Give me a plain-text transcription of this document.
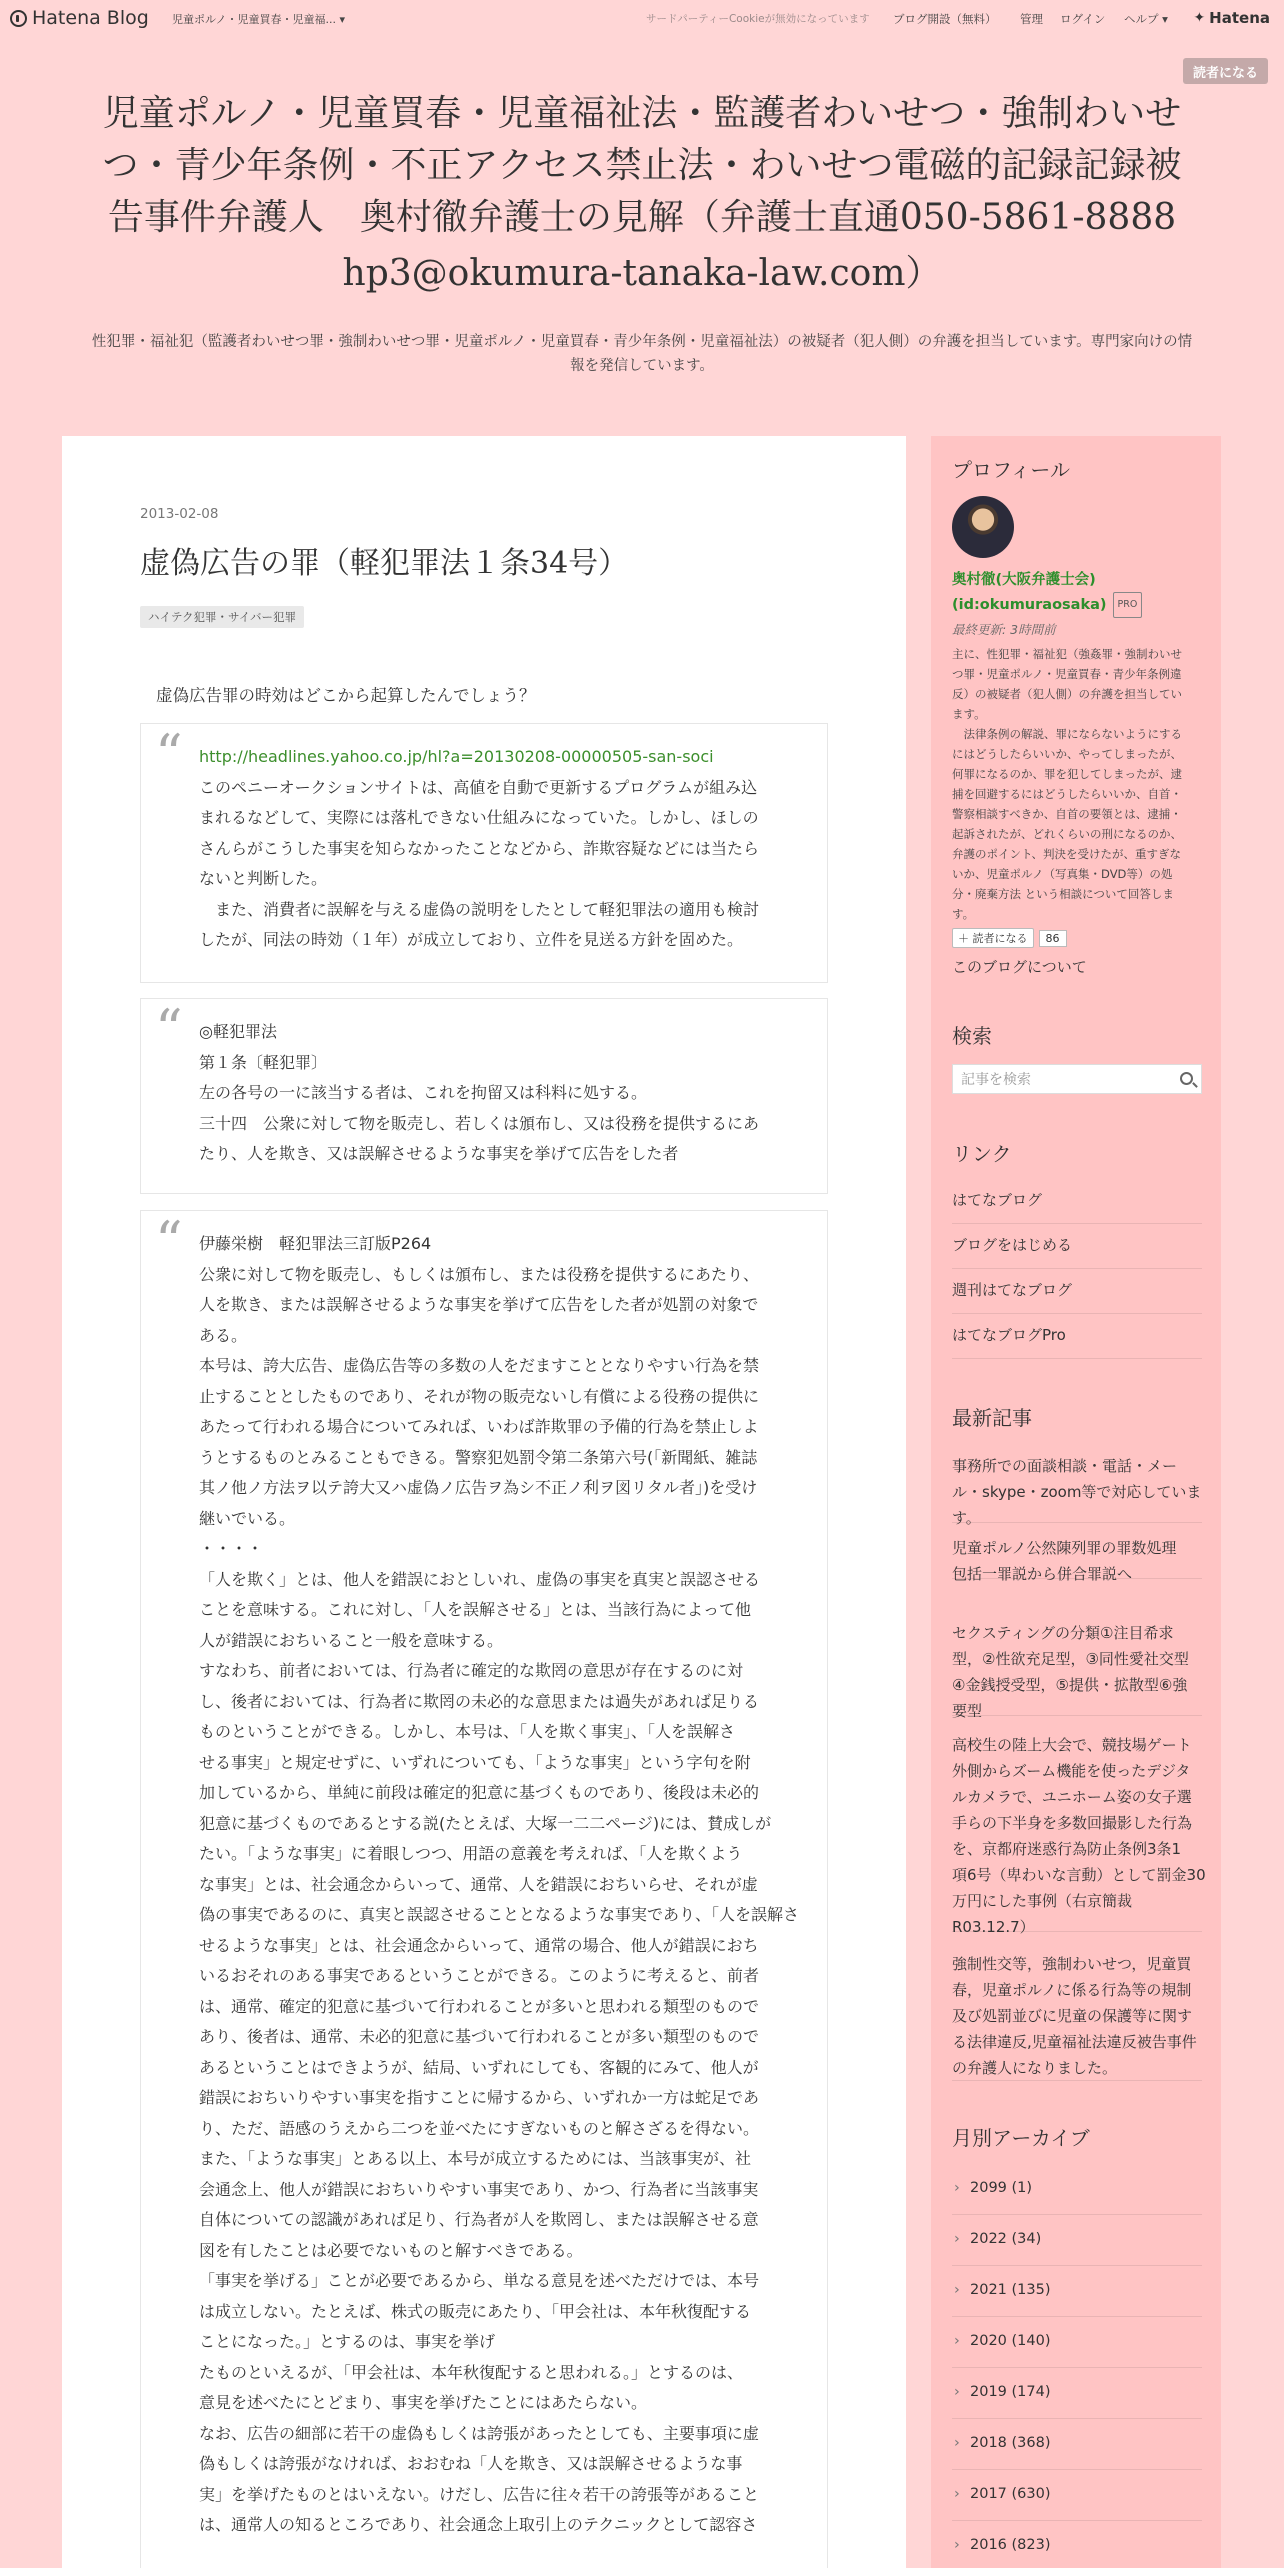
Hatena Blog 児童ポルノ・児童買春・児童福... ▾	サードパーティーCookieが無効になっています ブログ開設（無料） 管理 ログイン ヘルプ ▾ ✦ Hatena
読者になる
児童ポルノ・児童買春・児童福祉法・監護者わいせつ・強制わいせ
つ・青少年条例・不正アクセス禁止法・わいせつ電磁的記録記録被
告事件弁護人　奥村徹弁護士の見解（弁護士直通050-5861-8888
hp3@okumura-tanaka-law.com）
性犯罪・福祉犯（監護者わいせつ罪・強制わいせつ罪・児童ポルノ・児童買春・青少年条例・児童福祉法）の被疑者（犯人側）の弁護を担当しています。専門家向けの情
報を発信しています。
2013-02-08
虚偽広告の罪（軽犯罪法１条34号）
ハイテク犯罪・サイバー犯罪
虚偽広告罪の時効はどこから起算したんでしょう？
“ http://headlines.yahoo.co.jp/hl?a=20130208-00000505-san-soci
このペニーオークションサイトは、高値を自動で更新するプログラムが組み込
まれるなどして、実際には落札できない仕組みになっていた。しかし、ほしの
さんらがこうした事実を知らなかったことなどから、詐欺容疑などには当たら
ないと判断した。
　また、消費者に誤解を与える虚偽の説明をしたとして軽犯罪法の適用も検討
したが、同法の時効（１年）が成立しており、立件を見送る方針を固めた。
“ ◎軽犯罪法
第１条〔軽犯罪〕
左の各号の一に該当する者は、これを拘留又は科料に処する。
三十四　公衆に対して物を販売し、若しくは頒布し、又は役務を提供するにあ
たり、人を欺き、又は誤解させるような事実を挙げて広告をした者
“ 伊藤栄樹　軽犯罪法三訂版P264
公衆に対して物を販売し、もしくは頒布し、または役務を提供するにあたり、
人を欺き、または誤解させるような事実を挙げて広告をした者が処罰の対象で
ある。
本号は、誇大広告、虚偽広告等の多数の人をだますこととなりやすい行為を禁
止することとしたものであり、それが物の販売ないし有償による役務の提供に
あたって行われる場合についてみれば、いわば詐欺罪の予備的行為を禁止しよ
うとするものとみることもできる。警察犯処罰令第二条第六号(「新聞紙、雑誌
其ノ他ノ方法ヲ以テ誇大又ハ虚偽ノ広告ヲ為シ不正ノ利ヲ図リタル者」)を受け
継いでいる。
・・・・
「人を欺く」とは、他人を錯誤におとしいれ、虚偽の事実を真実と誤認させる
ことを意味する。これに対し、「人を誤解させる」とは、当該行為によって他
人が錯誤におちいること一般を意味する。
すなわち、前者においては、行為者に確定的な欺罔の意思が存在するのに対
し、後者においては、行為者に欺罔の未必的な意思または過失があれば足りる
ものということができる。しかし、本号は、「人を欺く事実」、「人を誤解さ
せる事実」と規定せずに、いずれについても、「ような事実」という字句を附
加しているから、単純に前段は確定的犯意に基づくものであり、後段は未必的
犯意に基づくものであるとする説(たとえば、大塚一二二ページ)には、賛成しが
たい。「ような事実」に着眼しつつ、用語の意義を考えれば、「人を欺くよう
な事実」とは、社会通念からいって、通常、人を錯誤におちいらせ、それが虚
偽の事実であるのに、真実と誤認させることとなるような事実であり、「人を誤解さ
せるような事実」とは、社会通念からいって、通常の場合、他人が錯誤におち
いるおそれのある事実であるということができる。このように考えると、前者
は、通常、確定的犯意に基づいて行われることが多いと思われる類型のもので
あり、後者は、通常、未必的犯意に基づいて行われることが多い類型のもので
あるということはできようが、結局、いずれにしても、客観的にみて、他人が
錯誤におちいりやすい事実を指すことに帰するから、いずれか一方は蛇足であ
り、ただ、語感のうえから二つを並べたにすぎないものと解さざるを得ない。
また、「ような事実」とある以上、本号が成立するためには、当該事実が、社
会通念上、他人が錯誤におちいりやすい事実であり、かつ、行為者に当該事実
自体についての認識があれば足り、行為者が人を欺罔し、または誤解させる意
図を有したことは必要でないものと解すべきである。
「事実を挙げる」ことが必要であるから、単なる意見を述べただけでは、本号
は成立しない。たとえば、株式の販売にあたり、「甲会社は、本年秋復配する
ことになった。」とするのは、事実を挙げ
たものといえるが、「甲会社は、本年秋復配すると思われる。」とするのは、
意見を述べたにとどまり、事実を挙げたことにはあたらない。
なお、広告の細部に若干の虚偽もしくは誇張があったとしても、主要事項に虚
偽もしくは誇張がなければ、おおむね「人を欺き、又は誤解させるような事
実」を挙げたものとはいえない。けだし、広告に往々若干の誇張等があること
は、通常人の知るところであり、社会通念上取引上のテクニックとして認容さ
プロフィール
奥村徹(大阪弁護士会)
(id:okumuraosaka) PRO
最終更新: 3時間前
主に、性犯罪・福祉犯（強姦罪・強制わいせ
つ罪・児童ポルノ・児童買春・青少年条例違
反）の被疑者（犯人側）の弁護を担当してい
ます。
　法律条例の解説、罪にならないようにする
にはどうしたらいいか、やってしまったが、
何罪になるのか、罪を犯してしまったが、逮
捕を回避するにはどうしたらいいか、自首・
警察相談すべきか、自首の要領とは、逮捕・
起訴されたが、どれくらいの刑になるのか、
弁護のポイント、判決を受けたが、重すぎな
いか、児童ポルノ（写真集・DVD等）の処
分・廃棄方法 という相談について回答しま
す。
＋ 読者になる	86
このブログについて
検索
記事を検索
リンク
はてなブログ
ブログをはじめる
週刊はてなブログ
はてなブログPro
最新記事
事務所での面談相談・電話・メー
ル・skype・zoom等で対応していま
す。
児童ポルノ公然陳列罪の罪数処理
包括一罪説から併合罪説へ
セクスティングの分類①注目希求
型，②性欲充足型，③同性愛社交型
④金銭授受型，⑤提供・拡散型⑥強
要型
高校生の陸上大会で、競技場ゲート
外側からズーム機能を使ったデジタ
ルカメラで、ユニホーム姿の女子選
手らの下半身を多数回撮影した行為
を、京都府迷惑行為防止条例3条1
項6号（卑わいな言動）として罰金30
万円にした事例（右京簡裁
R03.12.7）
強制性交等，強制わいせつ，児童買
春，児童ポルノに係る行為等の規制
及び処罰並びに児童の保護等に関す
る法律違反,児童福祉法違反被告事件
の弁護人になりました。
月別アーカイブ
› 2099 (1)
› 2022 (34)
› 2021 (135)
› 2020 (140)
› 2019 (174)
› 2018 (368)
› 2017 (630)
› 2016 (823)
